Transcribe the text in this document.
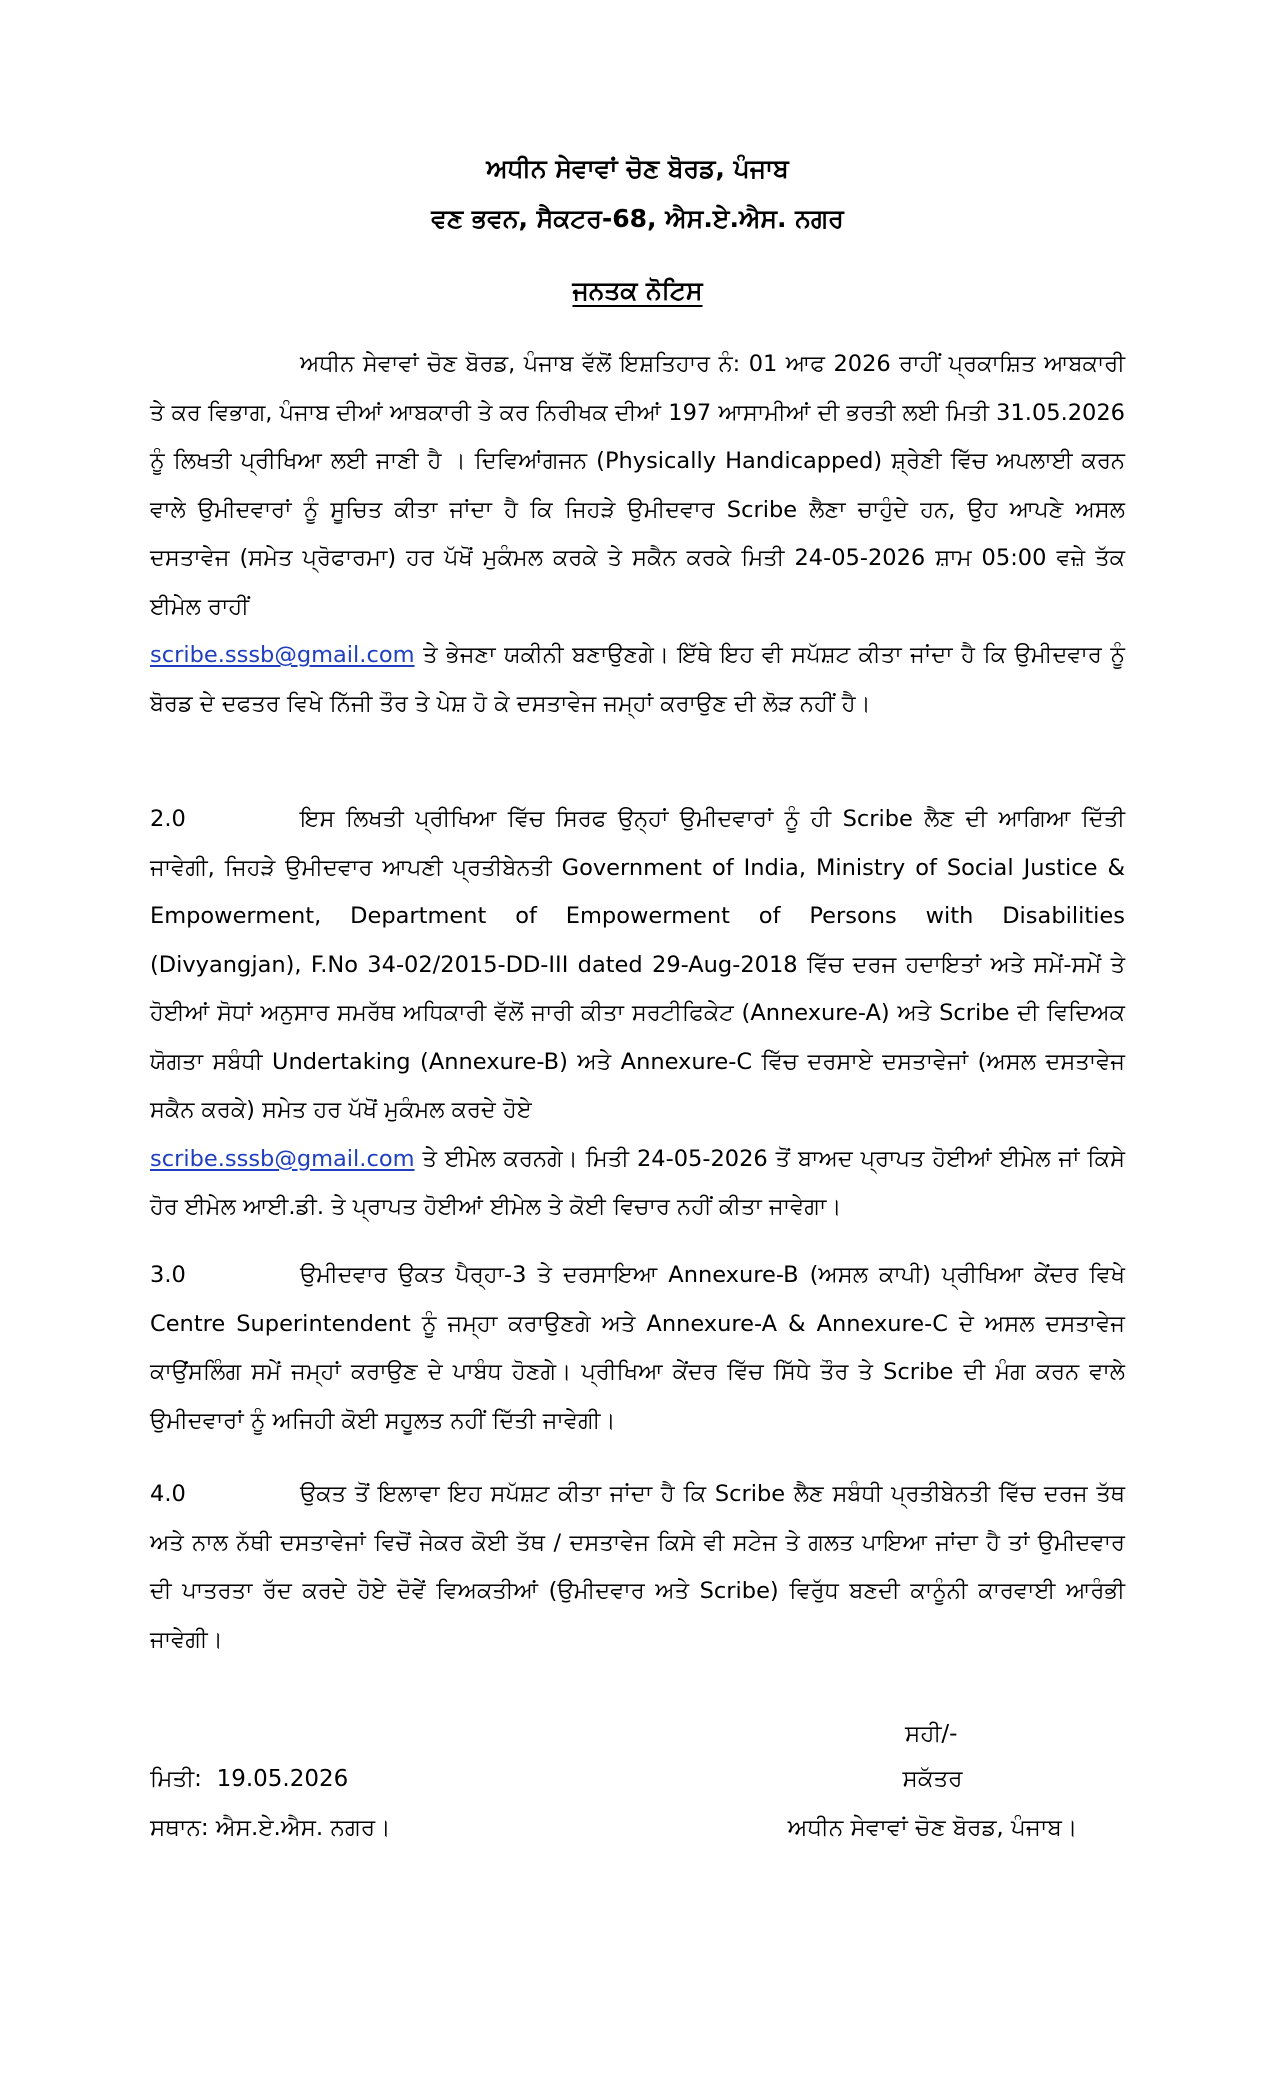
ਅਧੀਨ ਸੇਵਾਵਾਂ ਚੋਣ ਬੋਰਡ, ਪੰਜਾਬ
ਵਣ ਭਵਨ, ਸੈਕਟਰ-68, ਐਸ.ਏ.ਐਸ. ਨਗਰ
ਜਨਤਕ ਨੋਟਿਸ

ਅਧੀਨ ਸੇਵਾਵਾਂ ਚੋਣ ਬੋਰਡ, ਪੰਜਾਬ ਵੱਲੋਂ ਇਸ਼ਤਿਹਾਰ ਨੰ: 01 ਆਫ 2026 ਰਾਹੀਂ ਪ੍ਰਕਾਸ਼ਿਤ ਆਬਕਾਰੀ ਤੇ ਕਰ ਵਿਭਾਗ, ਪੰਜਾਬ ਦੀਆਂ ਆਬਕਾਰੀ ਤੇ ਕਰ ਨਿਰੀਖਕ ਦੀਆਂ 197 ਆਸਾਮੀਆਂ ਦੀ ਭਰਤੀ ਲਈ ਮਿਤੀ 31.05.2026 ਨੂੰ ਲਿਖਤੀ ਪ੍ਰੀਖਿਆ ਲਈ ਜਾਣੀ ਹੈ । ਦਿਵਿਆਂਗਜਨ (Physically Handicapped) ਸ਼੍ਰੇਣੀ ਵਿੱਚ ਅਪਲਾਈ ਕਰਨ ਵਾਲੇ ਉਮੀਦਵਾਰਾਂ ਨੂੰ ਸੂਚਿਤ ਕੀਤਾ ਜਾਂਦਾ ਹੈ ਕਿ ਜਿਹੜੇ ਉਮੀਦਵਾਰ Scribe ਲੈਣਾ ਚਾਹੁੰਦੇ ਹਨ, ਉਹ ਆਪਣੇ ਅਸਲ ਦਸਤਾਵੇਜ (ਸਮੇਤ ਪ੍ਰੋਫਾਰਮਾ) ਹਰ ਪੱਖੋਂ ਮੁਕੰਮਲ ਕਰਕੇ ਤੇ ਸਕੈਨ ਕਰਕੇ ਮਿਤੀ 24-05-2026 ਸ਼ਾਮ 05:00 ਵਜ਼ੇ ਤੱਕ ਈਮੇਲ ਰਾਹੀਂ
scribe.sssb@gmail.com ਤੇ ਭੇਜਣਾ ਯਕੀਨੀ ਬਣਾਉਣਗੇ। ਇੱਥੇ ਇਹ ਵੀ ਸਪੱਸ਼ਟ ਕੀਤਾ ਜਾਂਦਾ ਹੈ ਕਿ ਉਮੀਦਵਾਰ ਨੂੰ ਬੋਰਡ ਦੇ ਦਫਤਰ ਵਿਖੇ ਨਿੱਜੀ ਤੌਰ ਤੇ ਪੇਸ਼ ਹੋ ਕੇ ਦਸਤਾਵੇਜ ਜਮ੍ਹਾਂ ਕਰਾਉਣ ਦੀ ਲੋੜ ਨਹੀਂ ਹੈ।

2.0	ਇਸ ਲਿਖਤੀ ਪ੍ਰੀਖਿਆ ਵਿੱਚ ਸਿਰਫ ਉਨ੍ਹਾਂ ਉਮੀਦਵਾਰਾਂ ਨੂੰ ਹੀ Scribe ਲੈਣ ਦੀ ਆਗਿਆ ਦਿੱਤੀ ਜਾਵੇਗੀ, ਜਿਹੜੇ ਉਮੀਦਵਾਰ ਆਪਣੀ ਪ੍ਰਤੀਬੇਨਤੀ Government of India, Ministry of Social Justice & Empowerment, Department of Empowerment of Persons with Disabilities (Divyangjan), F.No 34-02/2015-DD-III dated 29-Aug-2018 ਵਿੱਚ ਦਰਜ ਹਦਾਇਤਾਂ ਅਤੇ ਸਮੇਂ-ਸਮੇਂ ਤੇ ਹੋਈਆਂ ਸੋਧਾਂ ਅਨੁਸਾਰ ਸਮਰੱਥ ਅਧਿਕਾਰੀ ਵੱਲੋਂ ਜਾਰੀ ਕੀਤਾ ਸਰਟੀਫਿਕੇਟ (Annexure-A) ਅਤੇ Scribe ਦੀ ਵਿਦਿਅਕ ਯੋਗਤਾ ਸਬੰਧੀ Undertaking (Annexure-B) ਅਤੇ Annexure-C ਵਿੱਚ ਦਰਸਾਏ ਦਸਤਾਵੇਜਾਂ (ਅਸਲ ਦਸਤਾਵੇਜ ਸਕੈਨ ਕਰਕੇ) ਸਮੇਤ ਹਰ ਪੱਖੋਂ ਮੁਕੰਮਲ ਕਰਦੇ ਹੋਏ
scribe.sssb@gmail.com ਤੇ ਈਮੇਲ ਕਰਨਗੇ। ਮਿਤੀ 24-05-2026 ਤੋਂ ਬਾਅਦ ਪ੍ਰਾਪਤ ਹੋਈਆਂ ਈਮੇਲ ਜਾਂ ਕਿਸੇ ਹੋਰ ਈਮੇਲ ਆਈ.ਡੀ. ਤੇ ਪ੍ਰਾਪਤ ਹੋਈਆਂ ਈਮੇਲ ਤੇ ਕੋਈ ਵਿਚਾਰ ਨਹੀਂ ਕੀਤਾ ਜਾਵੇਗਾ।

3.0	ਉਮੀਦਵਾਰ ਉਕਤ ਪੈਰ੍ਹਾ-3 ਤੇ ਦਰਸਾਇਆ Annexure-B (ਅਸਲ ਕਾਪੀ) ਪ੍ਰੀਖਿਆ ਕੇਂਦਰ ਵਿਖੇ Centre Superintendent ਨੂੰ ਜਮ੍ਹਾ ਕਰਾਉਣਗੇ ਅਤੇ Annexure-A & Annexure-C ਦੇ ਅਸਲ ਦਸਤਾਵੇਜ ਕਾਉਂਸਲਿੰਗ ਸਮੇਂ ਜਮ੍ਹਾਂ ਕਰਾਉਣ ਦੇ ਪਾਬੰਧ ਹੋਣਗੇ। ਪ੍ਰੀਖਿਆ ਕੇਂਦਰ ਵਿੱਚ ਸਿੱਧੇ ਤੌਰ ਤੇ Scribe ਦੀ ਮੰਗ ਕਰਨ ਵਾਲੇ ਉਮੀਦਵਾਰਾਂ ਨੂੰ ਅਜਿਹੀ ਕੋਈ ਸਹੂਲਤ ਨਹੀਂ ਦਿੱਤੀ ਜਾਵੇਗੀ।

4.0	ਉਕਤ ਤੋਂ ਇਲਾਵਾ ਇਹ ਸਪੱਸ਼ਟ ਕੀਤਾ ਜਾਂਦਾ ਹੈ ਕਿ Scribe ਲੈਣ ਸਬੰਧੀ ਪ੍ਰਤੀਬੇਨਤੀ ਵਿੱਚ ਦਰਜ ਤੱਥ ਅਤੇ ਨਾਲ ਨੱਥੀ ਦਸਤਾਵੇਜਾਂ ਵਿਚੋਂ ਜੇਕਰ ਕੋਈ ਤੱਥ / ਦਸਤਾਵੇਜ ਕਿਸੇ ਵੀ ਸਟੇਜ ਤੇ ਗਲਤ ਪਾਇਆ ਜਾਂਦਾ ਹੈ ਤਾਂ ਉਮੀਦਵਾਰ ਦੀ ਪਾਤਰਤਾ ਰੱਦ ਕਰਦੇ ਹੋਏ ਦੋਵੇਂ ਵਿਅਕਤੀਆਂ (ਉਮੀਦਵਾਰ ਅਤੇ Scribe) ਵਿਰੁੱਧ ਬਣਦੀ ਕਾਨੂੰਨੀ ਕਾਰਵਾਈ ਆਰੰਭੀ ਜਾਵੇਗੀ।

ਸਹੀ/-
ਸਕੱਤਰ
ਅਧੀਨ ਸੇਵਾਵਾਂ ਚੋਣ ਬੋਰਡ, ਪੰਜਾਬ।
ਮਿਤੀ: 19.05.2026
ਸਥਾਨ: ਐਸ.ਏ.ਐਸ. ਨਗਰ।
